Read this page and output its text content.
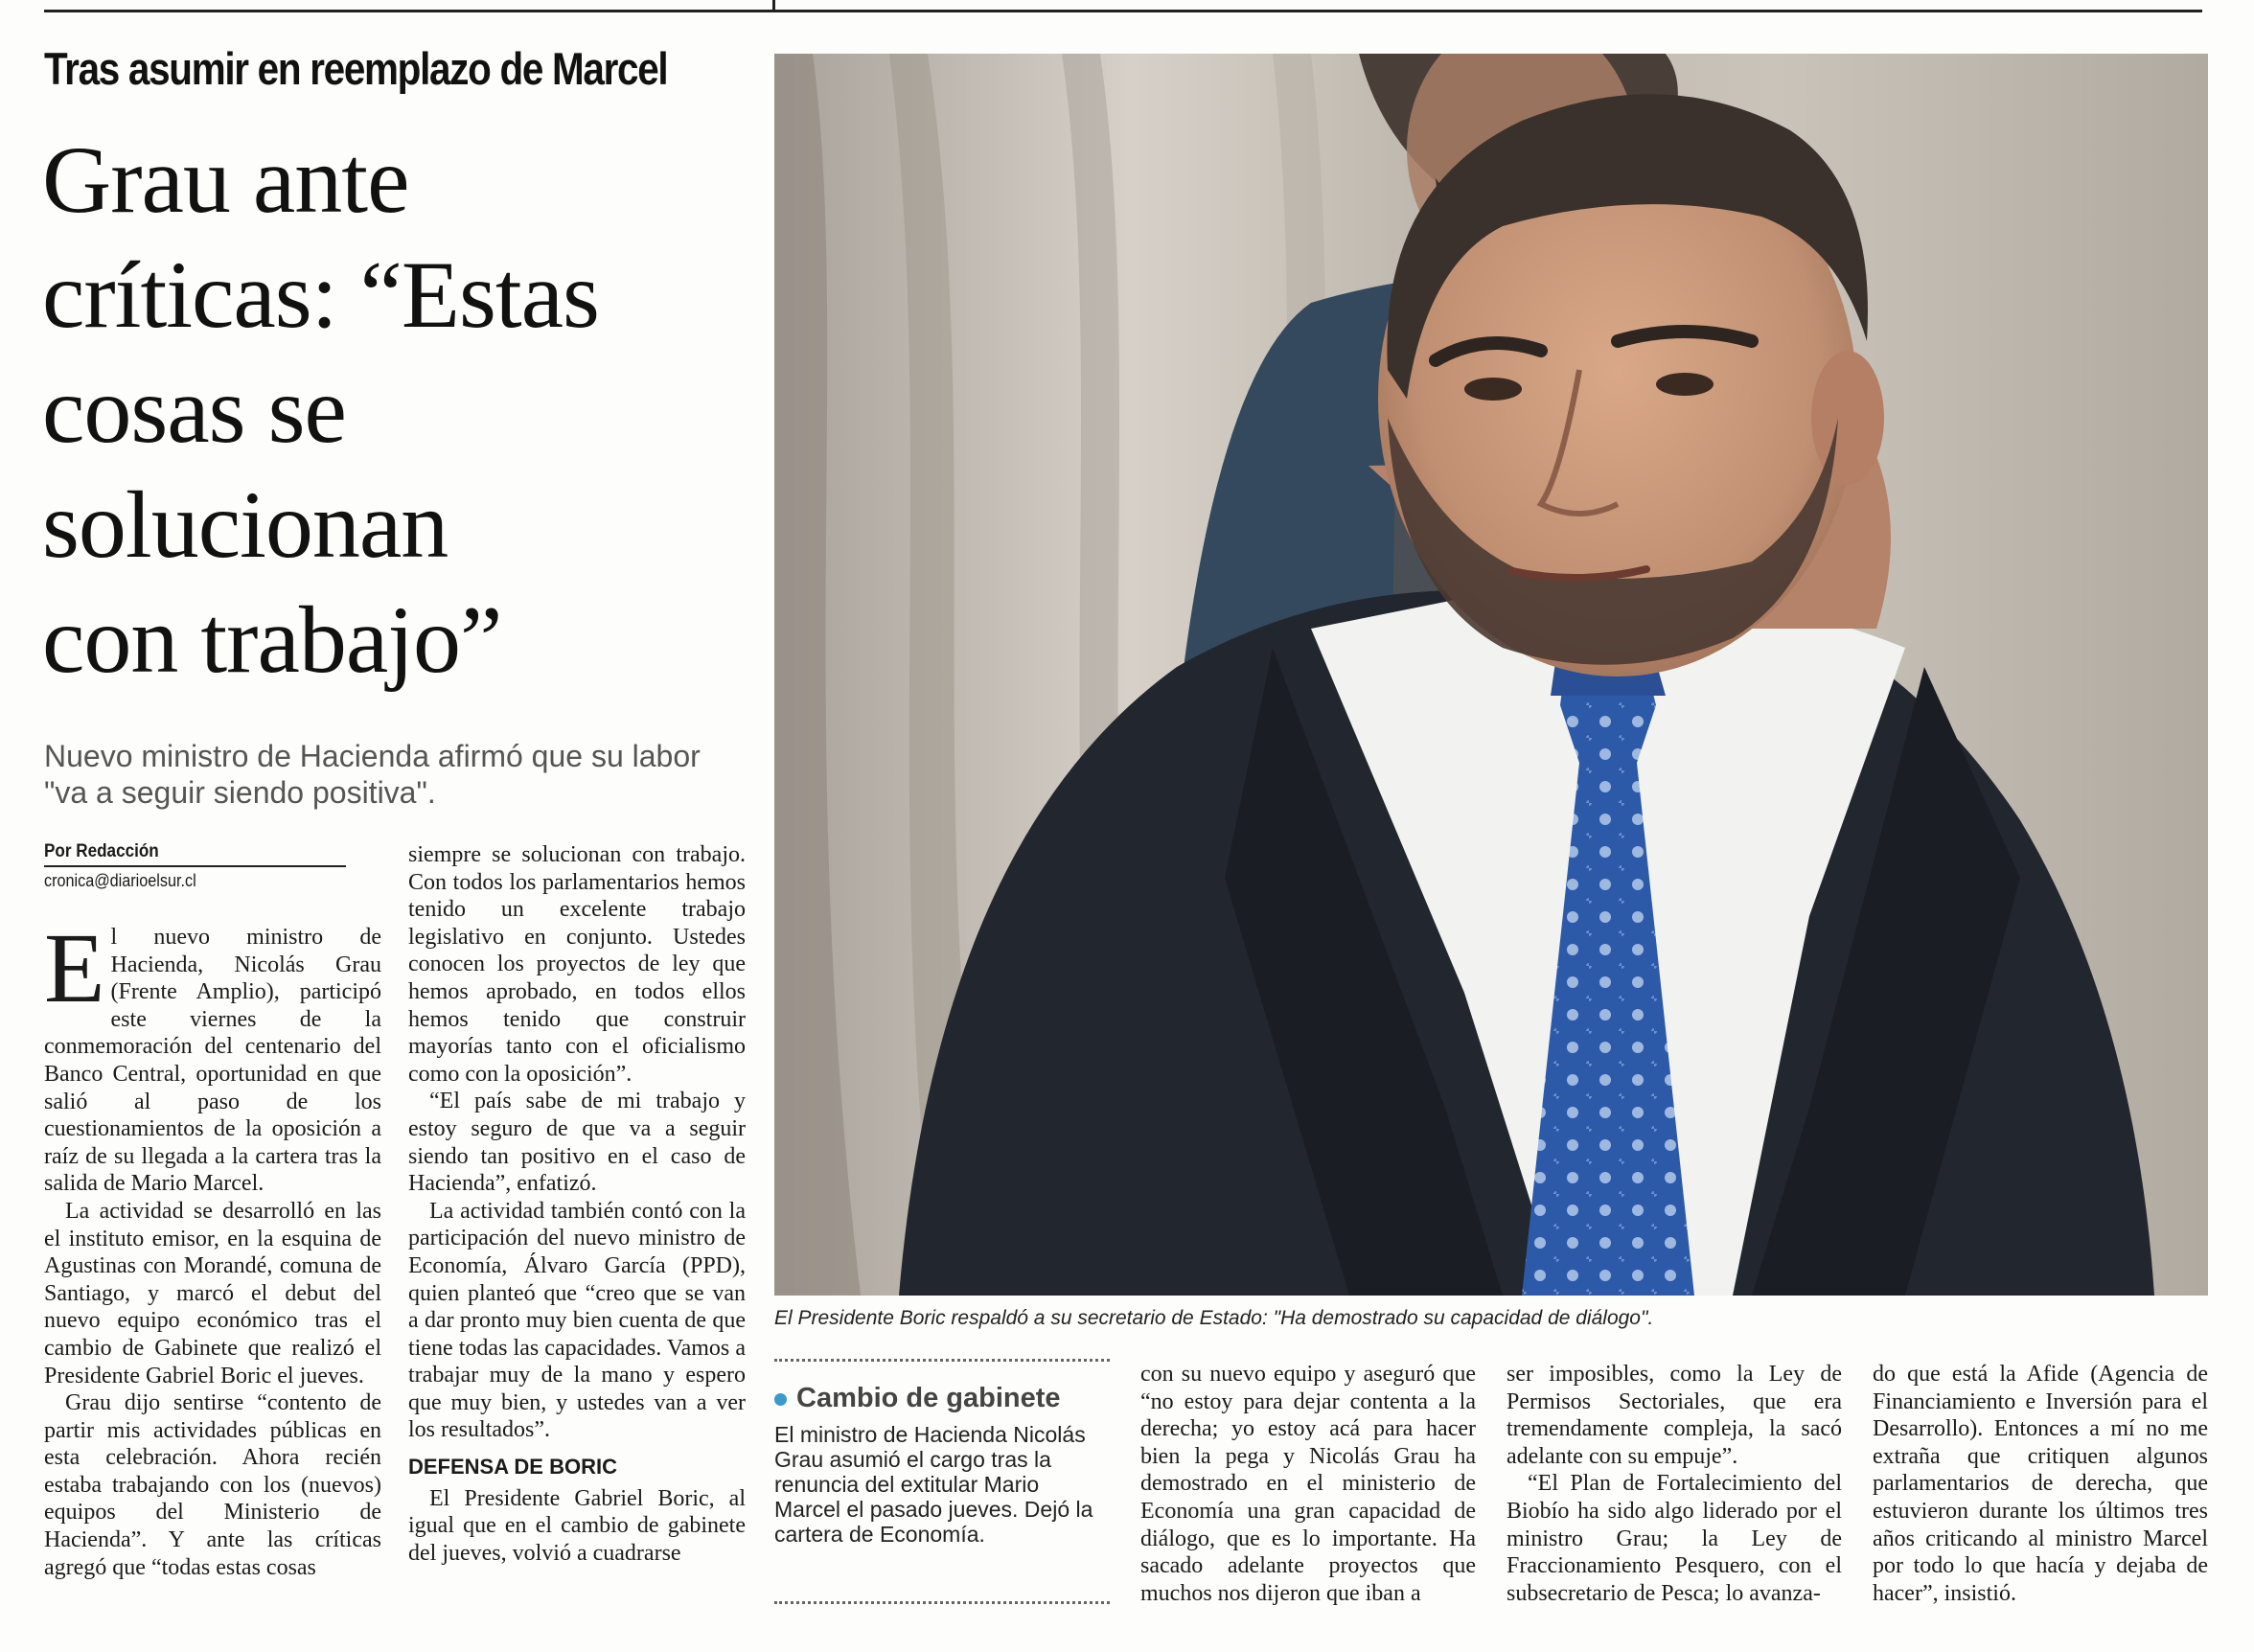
Tras asumir en reemplazo de Marcel
Grau ante
críticas: “Estas
cosas se
solucionan
con trabajo”
Nuevo ministro de Hacienda afirmó que su labor "va a seguir siendo positiva".
Por Redacción
cronica@diarioelsur.cl

El nuevo ministro de Hacienda, Nicolás Grau (Frente Amplio), participó este viernes de la conmemoración del centenario del Banco Central, oportunidad en que salió al paso de los cuestionamientos de la oposición a raíz de su llegada a la cartera tras la salida de Mario Marcel.

La actividad se desarrolló en las el instituto emisor, en la esquina de Agustinas con Morandé, comuna de Santiago, y marcó el debut del nuevo equipo económico tras el cambio de Gabinete que realizó el Presidente Gabriel Boric el jueves.

Grau dijo sentirse “contento de partir mis actividades públicas en esta celebración. Ahora recién estaba trabajando con los (nuevos) equipos del Ministerio de Hacienda”. Y ante las críticas agregó que “todas estas cosas

siempre se solucionan con trabajo. Con todos los parlamentarios hemos tenido un excelente trabajo legislativo en conjunto. Ustedes conocen los proyectos de ley que hemos aprobado, en todos ellos hemos tenido que construir mayorías tanto con el oficialismo como con la oposición”.

“El país sabe de mi trabajo y estoy seguro de que va a seguir siendo tan positivo en el caso de Hacienda”, enfatizó.

La actividad también contó con la participación del nuevo ministro de Economía, Álvaro García (PPD), quien planteó que “creo que se van a dar pronto muy bien cuenta de que tiene todas las capacidades. Vamos a trabajar muy de la mano y espero que muy bien, y ustedes van a ver los resultados”.

DEFENSA DE BORIC

El Presidente Gabriel Boric, al igual que en el cambio de gabinete del jueves, volvió a cuadrarse

El Presidente Boric respaldó a su secretario de Estado: "Ha demostrado su capacidad de diálogo".
Cambio de gabinete
El ministro de Hacienda Nicolás Grau asumió el cargo tras la renuncia del extitular Mario Marcel el pasado jueves. Dejó la cartera de Economía.

con su nuevo equipo y aseguró que “no estoy para dejar contenta a la derecha; yo estoy acá para hacer bien la pega y Nicolás Grau ha demostrado en el ministerio de Economía una gran capacidad de diálogo, que es lo importante. Ha sacado adelante proyectos que muchos nos dijeron que iban a

ser imposibles, como la Ley de Permisos Sectoriales, que era tremendamente compleja, la sacó adelante con su empuje”.

“El Plan de Fortalecimiento del Biobío ha sido algo liderado por el ministro Grau; la Ley de Fraccionamiento Pesquero, con el subsecretario de Pesca; lo avanza-

do que está la Afide (Agencia de Financiamiento e Inversión para el Desarrollo). Entonces a mí no me extraña que critiquen algunos parlamentarios de derecha, que estuvieron durante los últimos tres años criticando al ministro Marcel por todo lo que hacía y dejaba de hacer”, insistió.
